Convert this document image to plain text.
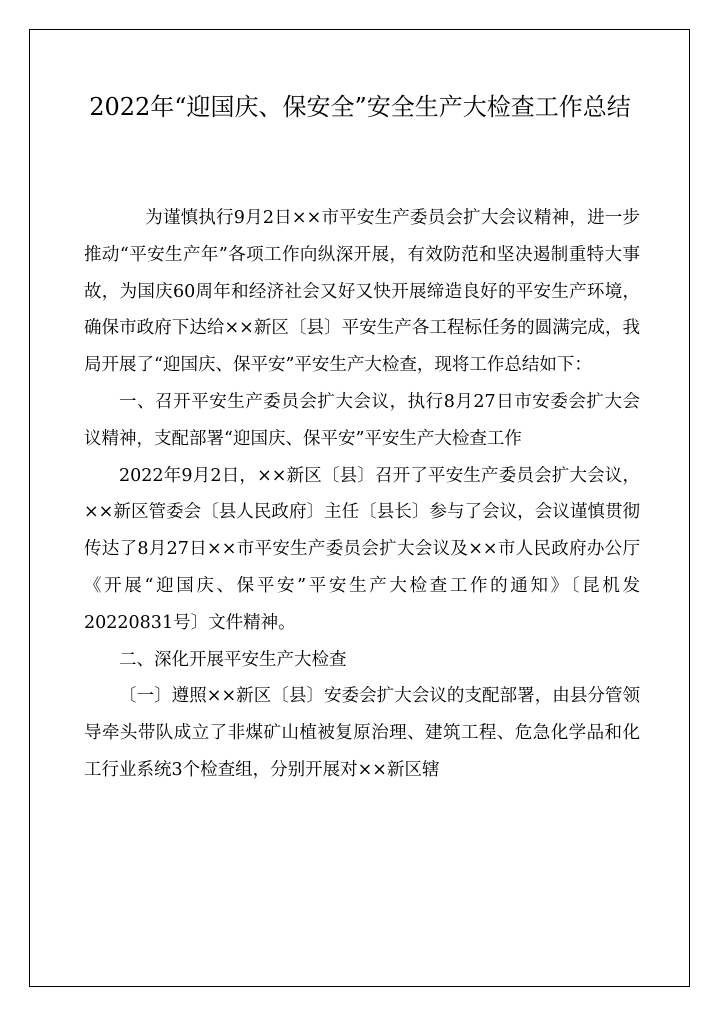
2022年“迎国庆、保安全”安全生产大检查工作总结

为谨慎执行9月2日××市平安生产委员会扩大会议精神，进一步推动“平安生产年”各项工作向纵深开展，有效防范和坚决遏制重特大事故，为国庆60周年和经济社会又好又快开展缔造良好的平安生产环境，确保市政府下达给××新区〔县〕平安生产各工程标任务的圆满完成，我局开展了“迎国庆、保平安”平安生产大检查，现将工作总结如下：

一、召开平安生产委员会扩大会议，执行8月27日市安委会扩大会议精神，支配部署“迎国庆、保平安”平安生产大检查工作

2022年9月2日，××新区〔县〕召开了平安生产委员会扩大会议，××新区管委会〔县人民政府〕主任〔县长〕参与了会议，会议谨慎贯彻传达了8月27日××市平安生产委员会扩大会议及××市人民政府办公厅《开展“迎国庆、保平安”平安生产大检查工作的通知》〔昆机发20220831号〕文件精神。

二、深化开展平安生产大检查

〔一〕遵照××新区〔县〕安委会扩大会议的支配部署，由县分管领导牵头带队成立了非煤矿山植被复原治理、建筑工程、危急化学品和化工行业系统3个检查组，分别开展对××新区辖
